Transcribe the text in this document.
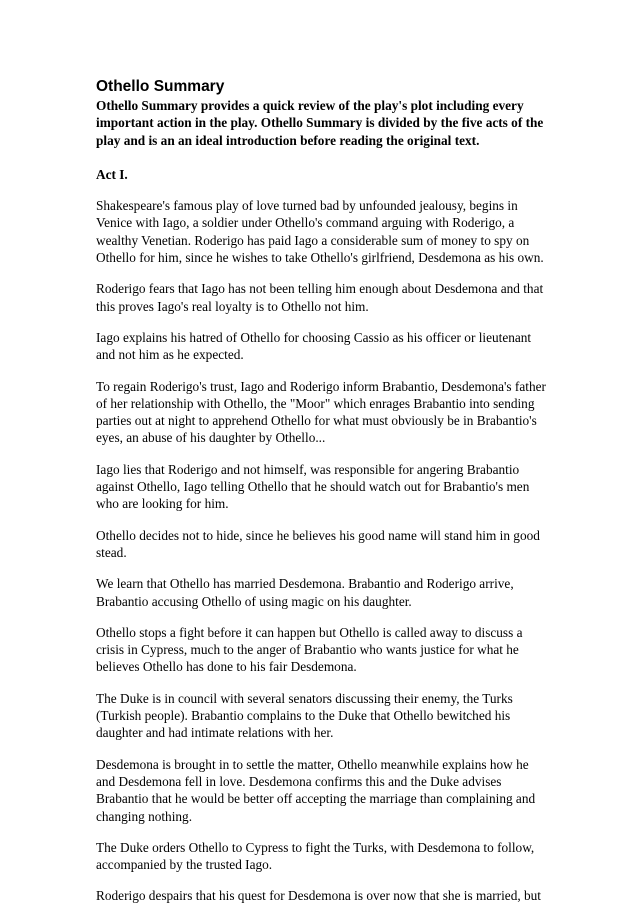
Othello Summary

Othello Summary provides a quick review of the play's plot including every important action in the play. Othello Summary is divided by the five acts of the play and is an an ideal introduction before reading the original text.

Act I.

Shakespeare's famous play of love turned bad by unfounded jealousy, begins in Venice with Iago, a soldier under Othello's command arguing with Roderigo, a wealthy Venetian. Roderigo has paid Iago a considerable sum of money to spy on Othello for him, since he wishes to take Othello's girlfriend, Desdemona as his own.

Roderigo fears that Iago has not been telling him enough about Desdemona and that this proves Iago's real loyalty is to Othello not him.

Iago explains his hatred of Othello for choosing Cassio as his officer or lieutenant and not him as he expected.

To regain Roderigo's trust, Iago and Roderigo inform Brabantio, Desdemona's father of her relationship with Othello, the "Moor" which enrages Brabantio into sending parties out at night to apprehend Othello for what must obviously be in Brabantio's eyes, an abuse of his daughter by Othello...

Iago lies that Roderigo and not himself, was responsible for angering Brabantio against Othello, Iago telling Othello that he should watch out for Brabantio's men who are looking for him.

Othello decides not to hide, since he believes his good name will stand him in good stead.

We learn that Othello has married Desdemona. Brabantio and Roderigo arrive, Brabantio accusing Othello of using magic on his daughter.

Othello stops a fight before it can happen but Othello is called away to discuss a crisis in Cypress, much to the anger of Brabantio who wants justice for what he believes Othello has done to his fair Desdemona.

The Duke is in council with several senators discussing their enemy, the Turks (Turkish people). Brabantio complains to the Duke that Othello bewitched his daughter and had intimate relations with her.

Desdemona is brought in to settle the matter, Othello meanwhile explains how he and Desdemona fell in love. Desdemona confirms this and the Duke advises Brabantio that he would be better off accepting the marriage than complaining and changing nothing.

The Duke orders Othello to Cypress to fight the Turks, with Desdemona to follow, accompanied by the trusted Iago.

Roderigo despairs that his quest for Desdemona is over now that she is married, but
